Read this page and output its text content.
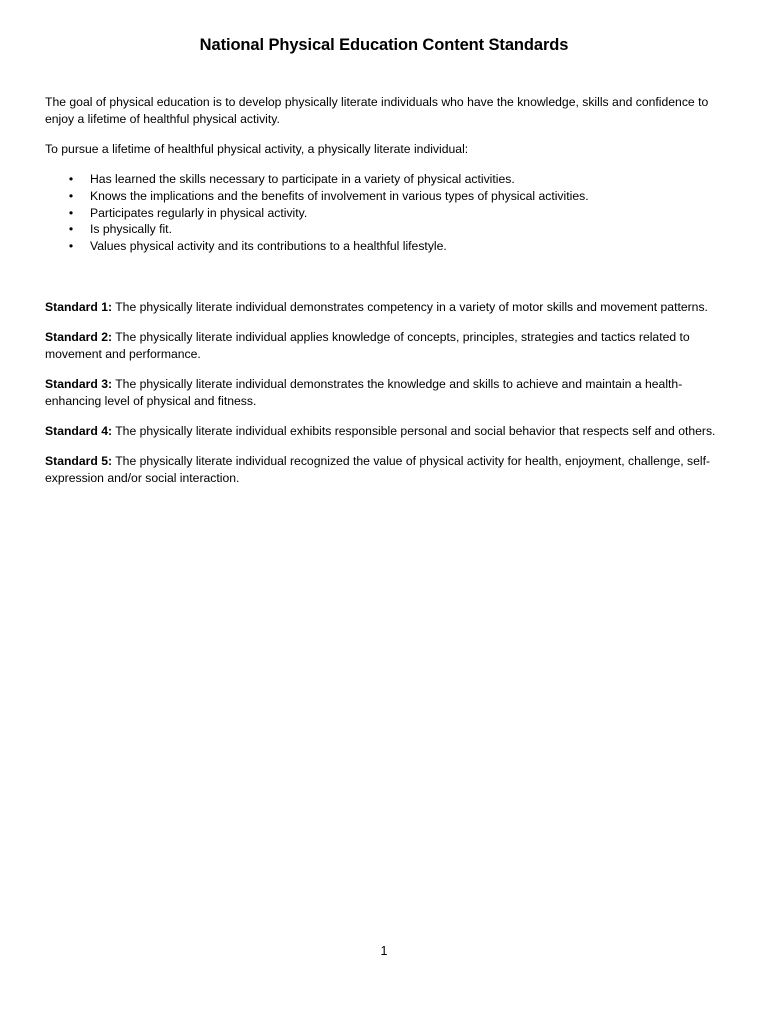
National Physical Education Content Standards

The goal of physical education is to develop physically literate individuals who have the knowledge, skills and confidence to enjoy a lifetime of healthful physical activity.

To pursue a lifetime of healthful physical activity, a physically literate individual:

• Has learned the skills necessary to participate in a variety of physical activities.
• Knows the implications and the benefits of involvement in various types of physical activities.
• Participates regularly in physical activity.
• Is physically fit.
• Values physical activity and its contributions to a healthful lifestyle.

Standard 1: The physically literate individual demonstrates competency in a variety of motor skills and movement patterns.

Standard 2: The physically literate individual applies knowledge of concepts, principles, strategies and tactics related to movement and performance.

Standard 3: The physically literate individual demonstrates the knowledge and skills to achieve and maintain a health-enhancing level of physical and fitness.

Standard 4: The physically literate individual exhibits responsible personal and social behavior that respects self and others.

Standard 5: The physically literate individual recognized the value of physical activity for health, enjoyment, challenge, self-expression and/or social interaction.

1
